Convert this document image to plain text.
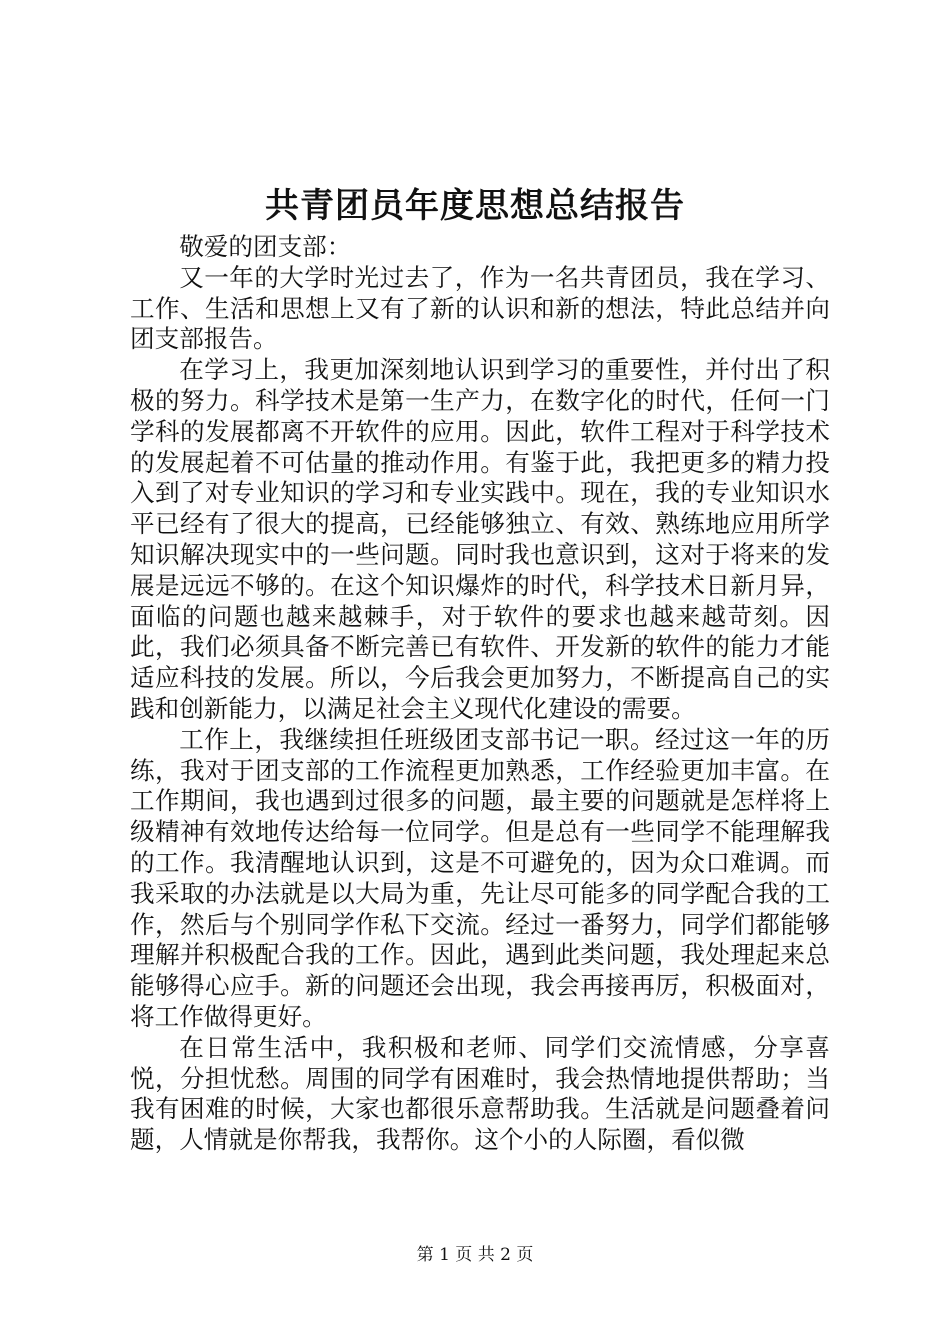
共青团员年度思想总结报告

敬爱的团支部：

又一年的大学时光过去了，作为一名共青团员，我在学习、工作、生活和思想上又有了新的认识和新的想法，特此总结并向团支部报告。

在学习上，我更加深刻地认识到学习的重要性，并付出了积极的努力。科学技术是第一生产力，在数字化的时代，任何一门学科的发展都离不开软件的应用。因此，软件工程对于科学技术的发展起着不可估量的推动作用。有鉴于此，我把更多的精力投入到了对专业知识的学习和专业实践中。现在，我的专业知识水平已经有了很大的提高，已经能够独立、有效、熟练地应用所学知识解决现实中的一些问题。同时我也意识到，这对于将来的发展是远远不够的。在这个知识爆炸的时代，科学技术日新月异，面临的问题也越来越棘手，对于软件的要求也越来越苛刻。因此，我们必须具备不断完善已有软件、开发新的软件的能力才能适应科技的发展。所以，今后我会更加努力，不断提高自己的实践和创新能力，以满足社会主义现代化建设的需要。

工作上，我继续担任班级团支部书记一职。经过这一年的历练，我对于团支部的工作流程更加熟悉，工作经验更加丰富。在工作期间，我也遇到过很多的问题，最主要的问题就是怎样将上级精神有效地传达给每一位同学。但是总有一些同学不能理解我的工作。我清醒地认识到，这是不可避免的，因为众口难调。而我采取的办法就是以大局为重，先让尽可能多的同学配合我的工作，然后与个别同学作私下交流。经过一番努力，同学们都能够理解并积极配合我的工作。因此，遇到此类问题，我处理起来总能够得心应手。新的问题还会出现，我会再接再厉，积极面对，将工作做得更好。

在日常生活中，我积极和老师、同学们交流情感，分享喜悦，分担忧愁。周围的同学有困难时，我会热情地提供帮助；当我有困难的时候，大家也都很乐意帮助我。生活就是问题叠着问题，人情就是你帮我，我帮你。这个小的人际圈，看似微

第 1 页 共 2 页
